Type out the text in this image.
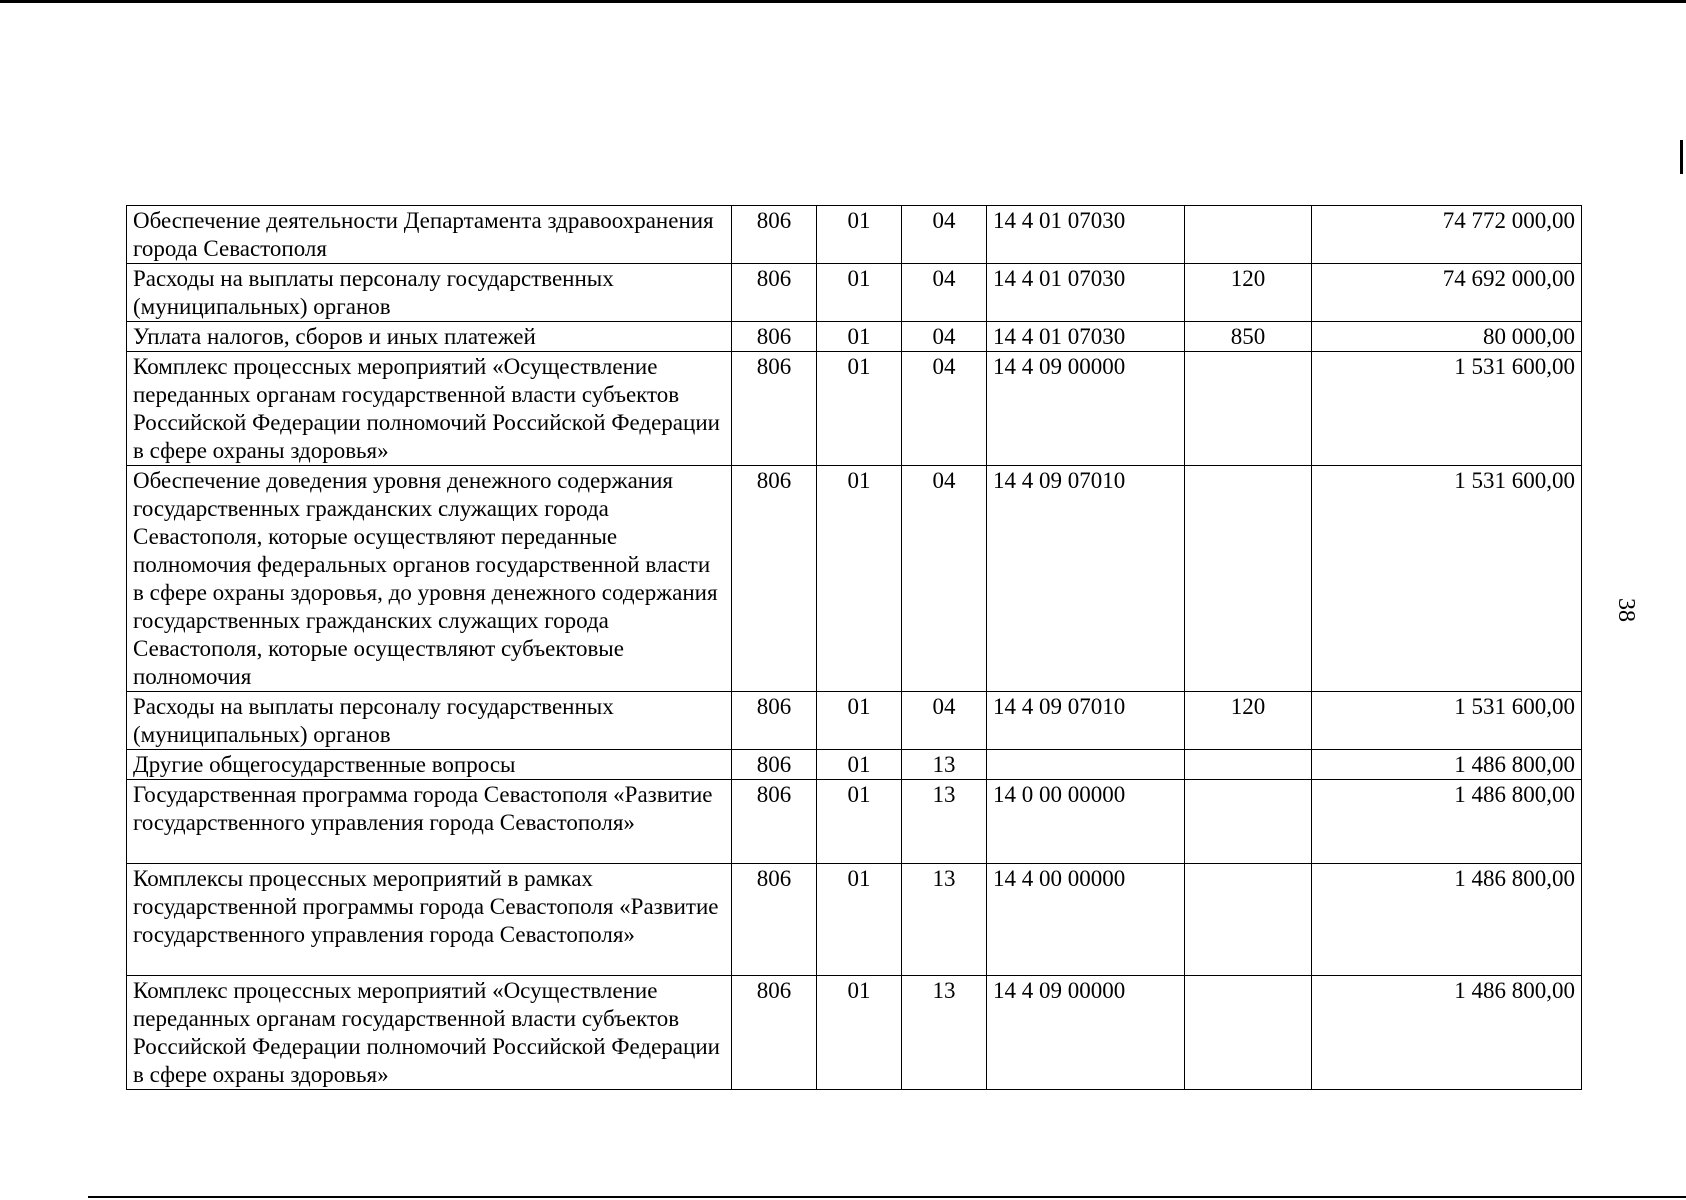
38
Обеспечение деятельности Департамента здравоохранения города Севастополя	806	01	04	14 4 01 07030		74 772 000,00
Расходы на выплаты персоналу государственных (муниципальных) органов	806	01	04	14 4 01 07030	120	74 692 000,00
Уплата налогов, сборов и иных платежей	806	01	04	14 4 01 07030	850	80 000,00
Комплекс процессных мероприятий «Осуществление переданных органам государственной власти субъектов Российской Федерации полномочий Российской Федерации в сфере охраны здоровья»	806	01	04	14 4 09 00000		1 531 600,00
Обеспечение доведения уровня денежного содержания государственных гражданских служащих города Севастополя, которые осуществляют переданные полномочия федеральных органов государственной власти в сфере охраны здоровья, до уровня денежного содержания государственных гражданских служащих города Севастополя, которые осуществляют субъектовые полномочия	806	01	04	14 4 09 07010		1 531 600,00
Расходы на выплаты персоналу государственных (муниципальных) органов	806	01	04	14 4 09 07010	120	1 531 600,00
Другие общегосударственные вопросы	806	01	13			1 486 800,00
Государственная программа города Севастополя «Развитие государственного управления города Севастополя»	806	01	13	14 0 00 00000		1 486 800,00
Комплексы процессных мероприятий в рамках государственной программы города Севастополя «Развитие государственного управления города Севастополя»	806	01	13	14 4 00 00000		1 486 800,00
Комплекс процессных мероприятий «Осуществление переданных органам государственной власти субъектов Российской Федерации полномочий Российской Федерации в сфере охраны здоровья»	806	01	13	14 4 09 00000		1 486 800,00
